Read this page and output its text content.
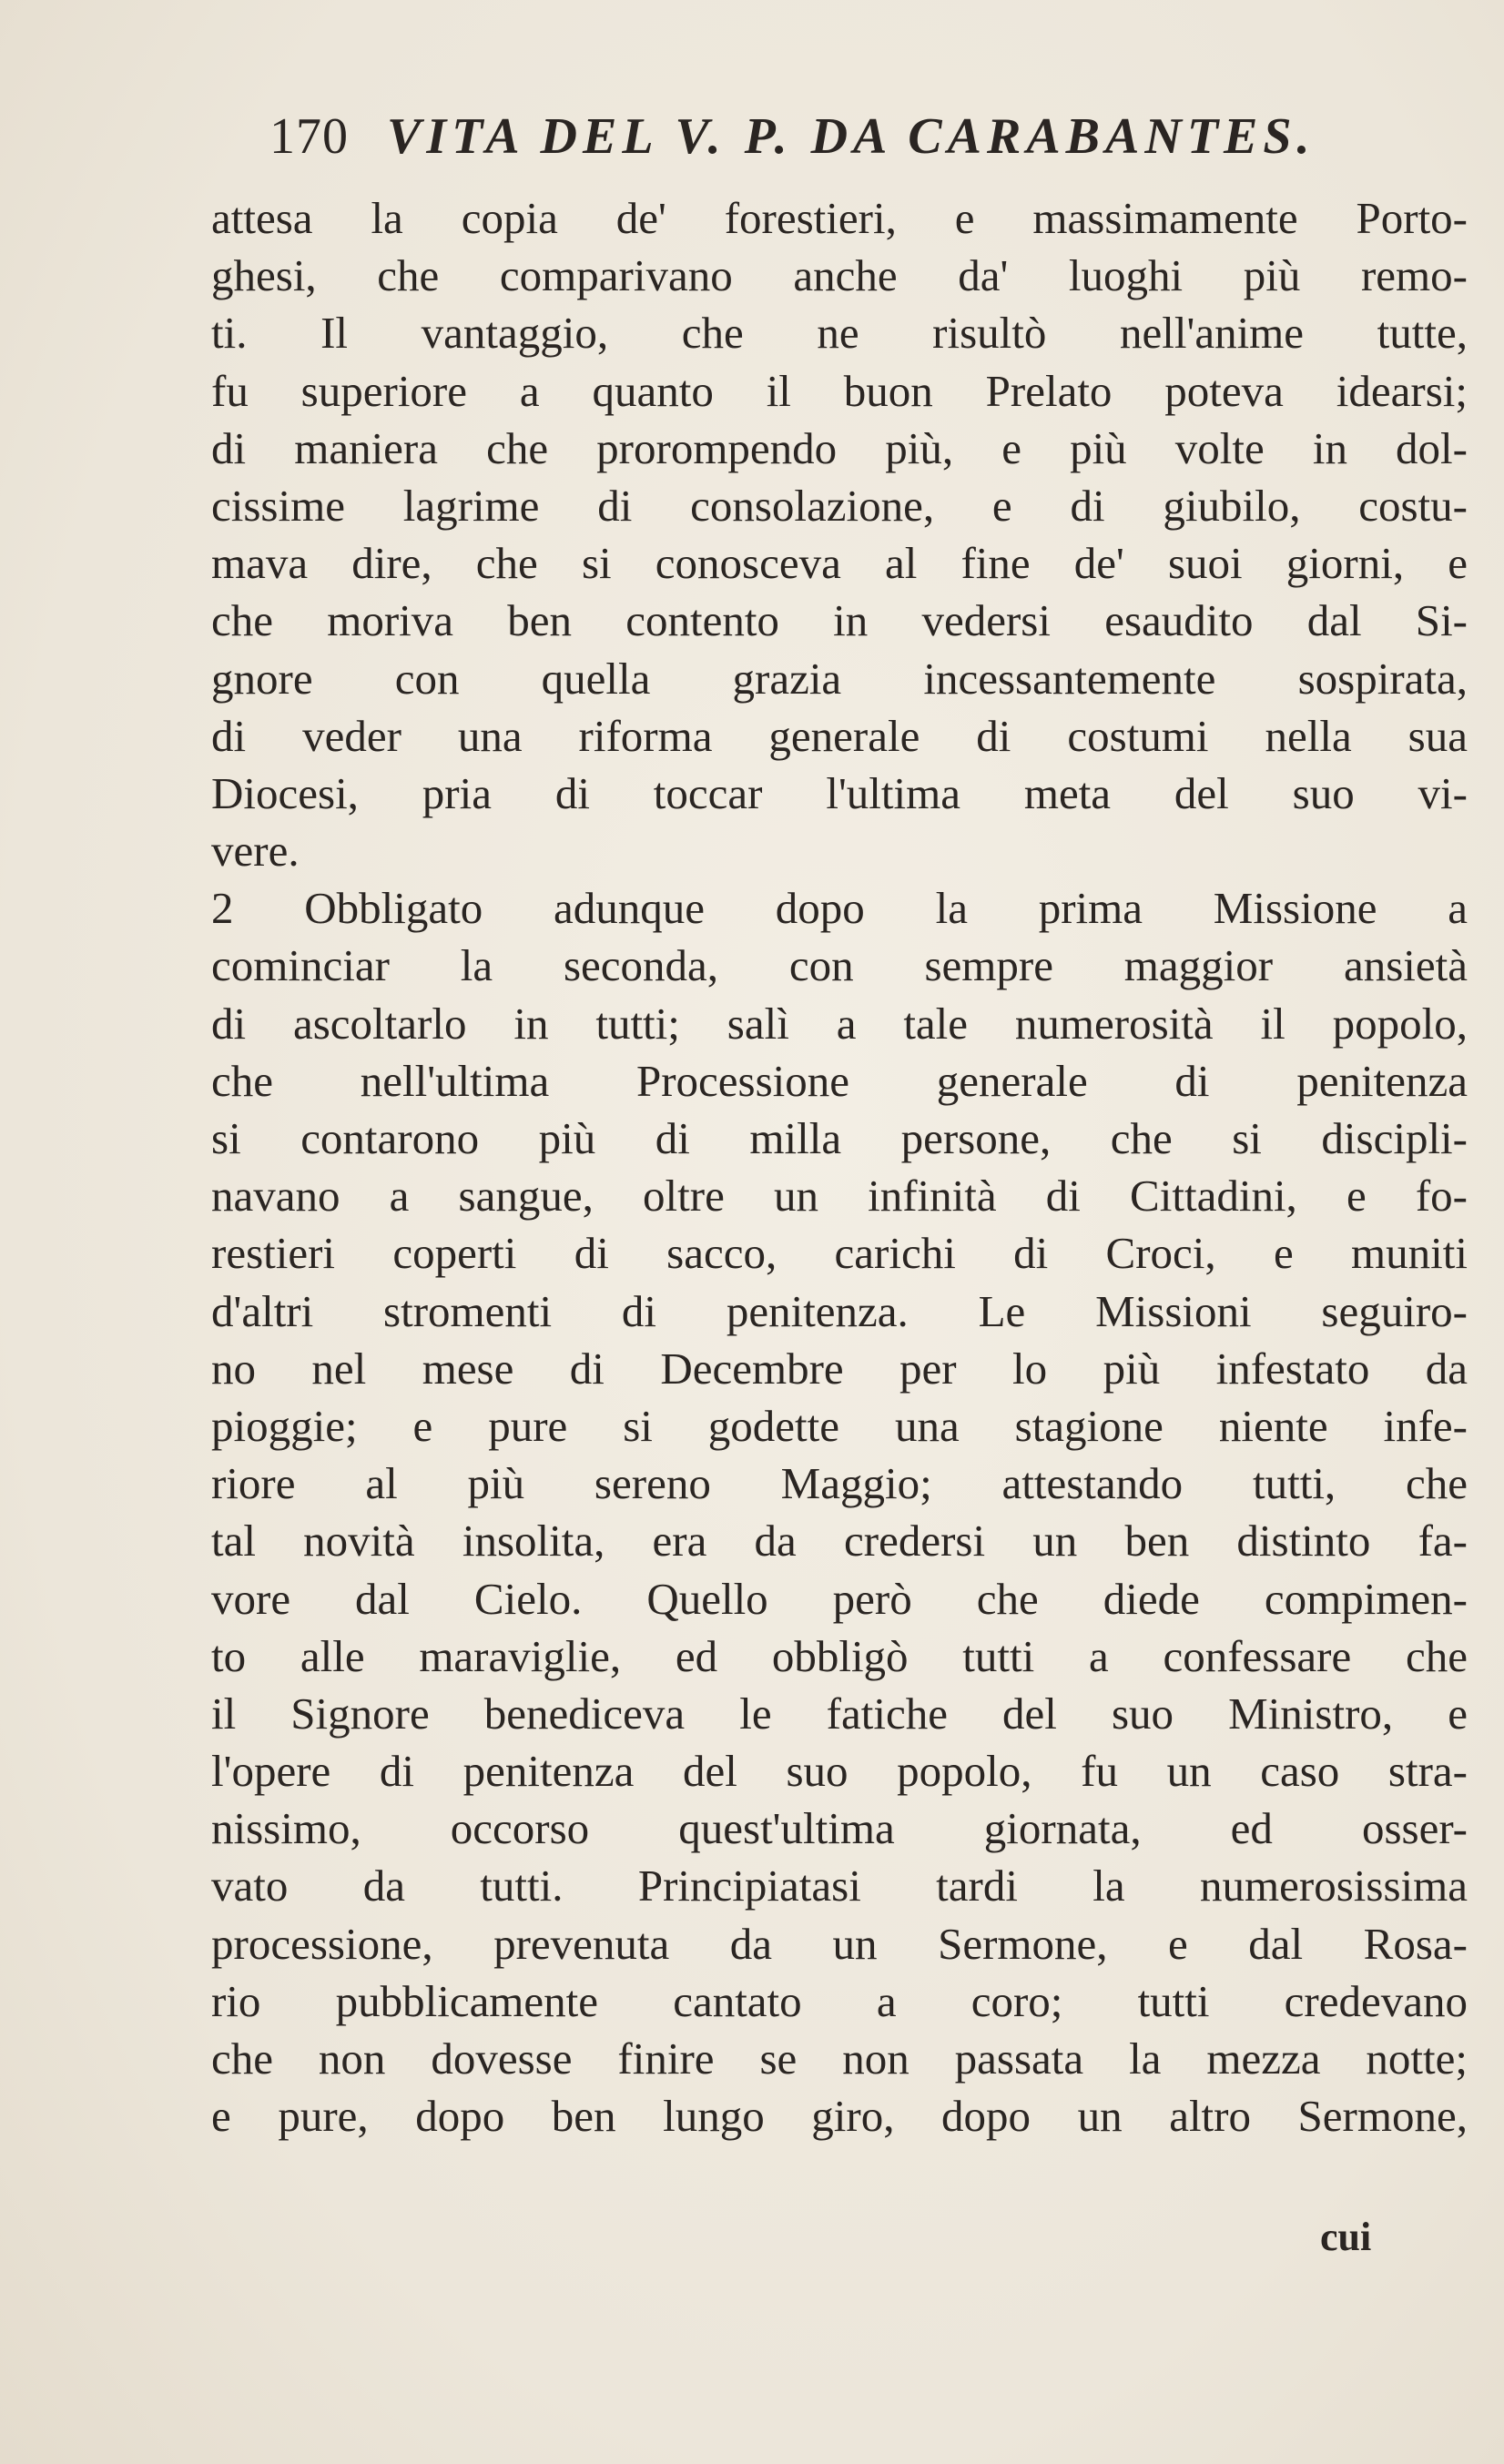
170 VITA DEL V. P. DA CARABANTES.
attesa la copia de' forestieri, e massimamente Porto-
ghesi, che comparivano anche da' luoghi più remo-
ti. Il vantaggio, che ne risultò nell'anime tutte,
fu superiore a quanto il buon Prelato poteva idearsi;
di maniera che prorompendo più, e più volte in dol-
cissime lagrime di consolazione, e di giubilo, costu-
mava dire, che si conosceva al fine de' suoi giorni, e
che moriva ben contento in vedersi esaudito dal Si-
gnore con quella grazia incessantemente sospirata,
di veder una riforma generale di costumi nella sua
Diocesi, pria di toccar l'ultima meta del suo vi-
vere.
2 Obbligato adunque dopo la prima Missione a
cominciar la seconda, con sempre maggior ansietà
di ascoltarlo in tutti; salì a tale numerosità il popolo,
che nell'ultima Processione generale di penitenza
si contarono più di milla persone, che si discipli-
navano a sangue, oltre un infinità di Cittadini, e fo-
restieri coperti di sacco, carichi di Croci, e muniti
d'altri stromenti di penitenza. Le Missioni seguiro-
no nel mese di Decembre per lo più infestato da
pioggie; e pure si godette una stagione niente infe-
riore al più sereno Maggio; attestando tutti, che
tal novità insolita, era da credersi un ben distinto fa-
vore dal Cielo. Quello però che diede compimen-
to alle maraviglie, ed obbligò tutti a confessare che
il Signore benediceva le fatiche del suo Ministro, e
l'opere di penitenza del suo popolo, fu un caso stra-
nissimo, occorso quest'ultima giornata, ed osser-
vato da tutti. Principiatasi tardi la numerosissima
processione, prevenuta da un Sermone, e dal Rosa-
rio pubblicamente cantato a coro; tutti credevano
che non dovesse finire se non passata la mezza notte;
e pure, dopo ben lungo giro, dopo un altro Sermone,
cui
